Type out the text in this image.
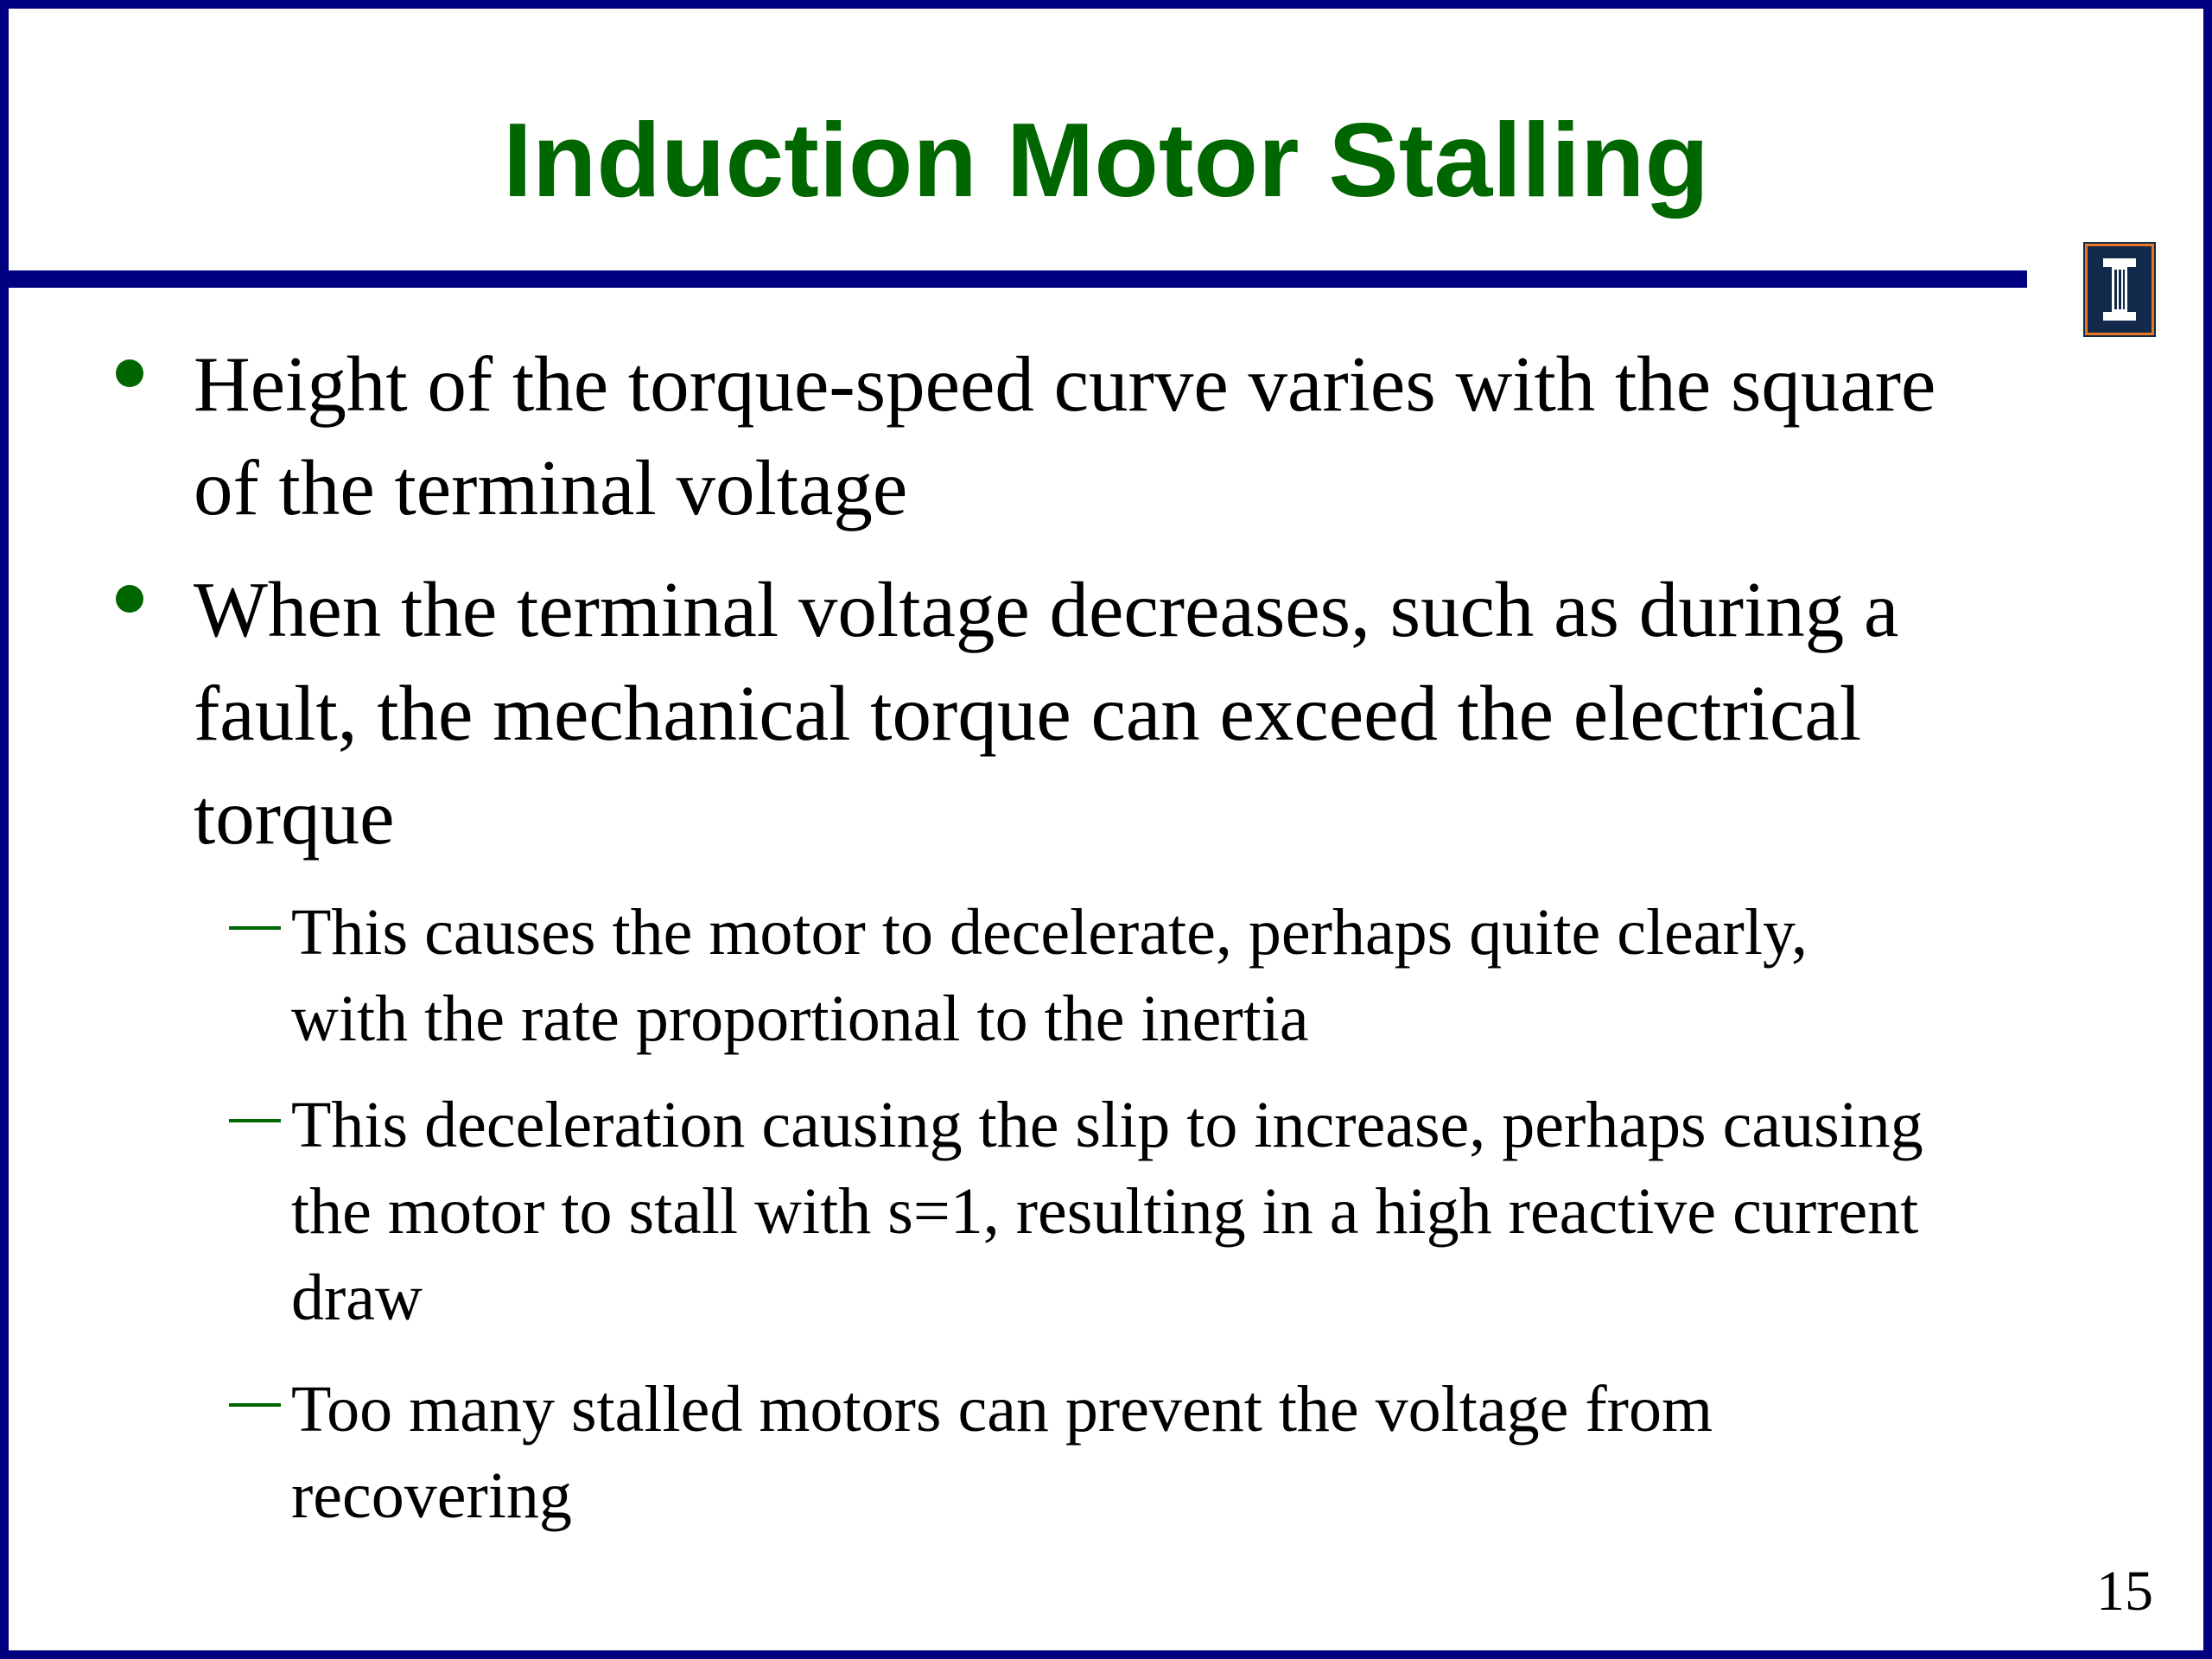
Induction Motor Stalling
Height of the torque-speed curve varies with the square
of the terminal voltage
When the terminal voltage decreases, such as during a
fault, the mechanical torque can exceed the electrical
torque
This causes the motor to decelerate, perhaps quite clearly,
with the rate proportional to the inertia
This deceleration causing the slip to increase, perhaps causing
the motor to stall with s=1, resulting in a high reactive current
draw
Too many stalled motors can prevent the voltage from
recovering
15
